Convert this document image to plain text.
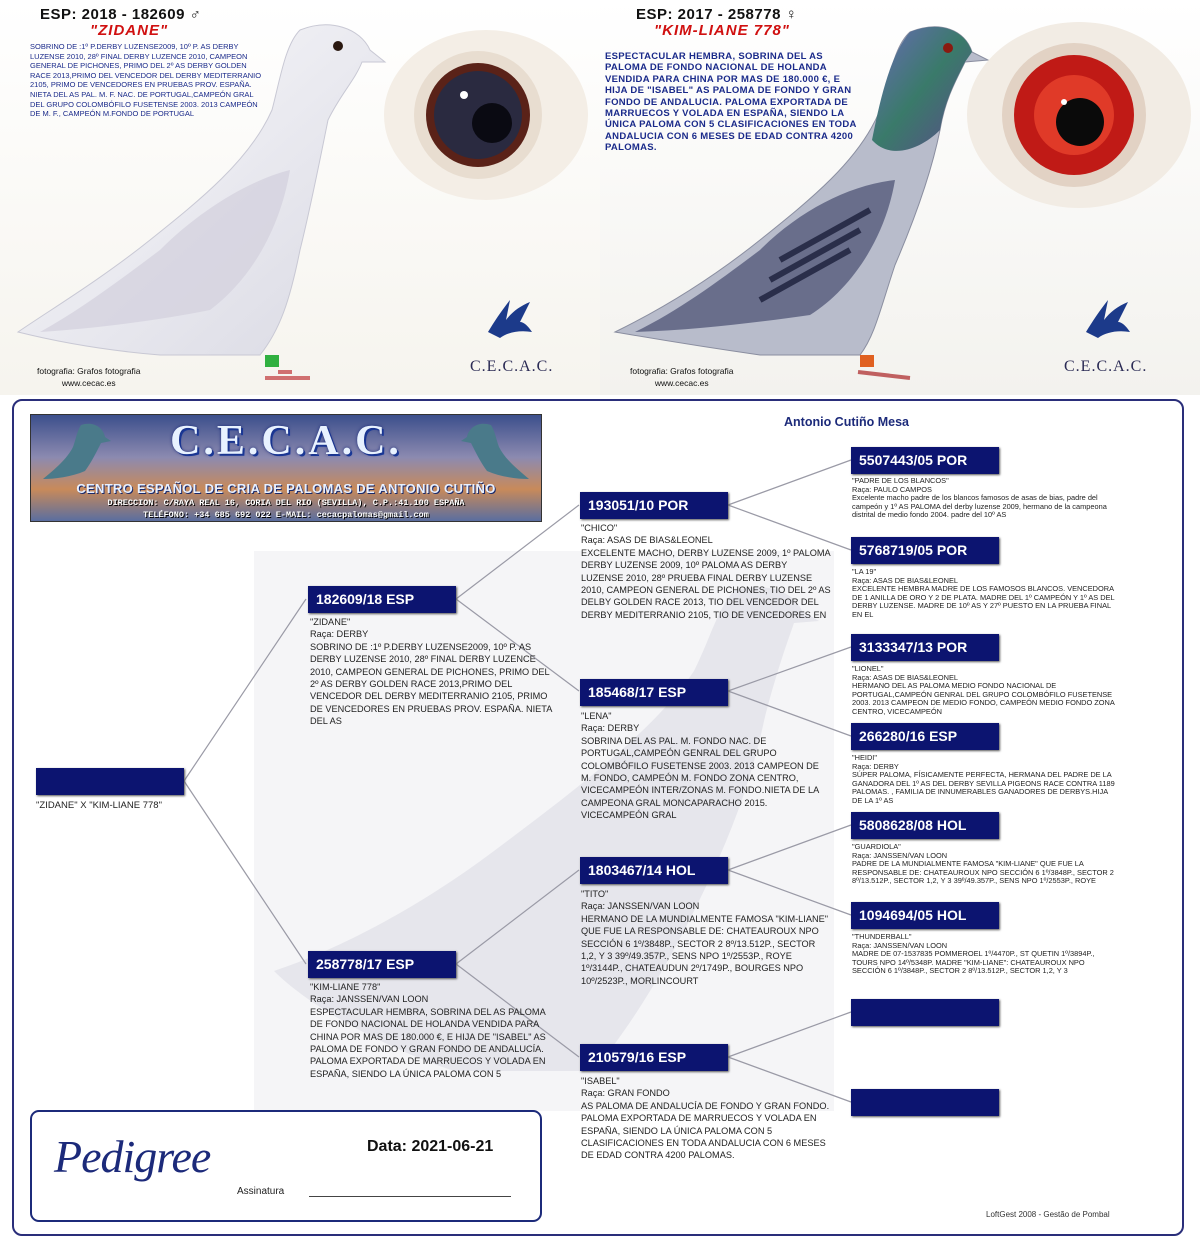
ESP: 2018 - 182609 ♂
"ZIDANE"
SOBRINO DE :1º P.DERBY LUZENSE2009, 10º P. AS DERBY LUZENSE 2010, 28º FINAL DERBY LUZENCE 2010, CAMPEON GENERAL DE PICHONES, PRIMO DEL 2º AS DERBY GOLDEN RACE 2013,PRIMO DEL VENCEDOR DEL DERBY MEDITERRANIO 2105, PRIMO DE VENCEDORES EN PRUEBAS PROV. ESPAÑA. NIETA DEL AS PAL. M. F. NAC. DE PORTUGAL,CAMPEÓN GRAL DEL GRUPO COLOMBÓFILO FUSETENSE 2003. 2013 CAMPEÓN DE M. F., CAMPEÓN M.FONDO DE PORTUGAL
C.E.C.A.C.
fotografia: Grafos fotografia
www.cecac.es
ESP: 2017 - 258778 ♀
"KIM-LIANE 778"
ESPECTACULAR HEMBRA, SOBRINA DEL AS PALOMA DE FONDO NACIONAL DE HOLANDA VENDIDA PARA CHINA POR MAS DE 180.000 €, E HIJA DE "ISABEL" AS PALOMA DE FONDO Y GRAN FONDO DE ANDALUCIA. PALOMA EXPORTADA DE MARRUECOS Y VOLADA EN ESPAÑA, SIENDO LA ÚNICA PALOMA CON 5 CLASIFICACIONES EN TODA ANDALUCIA CON 6 MESES DE EDAD CONTRA 4200 PALOMAS.
C.E.C.A.C.
fotografia: Grafos fotografia
www.cecac.es
Antonio Cutiño Mesa
C.E.C.A.C.
CENTRO ESPAÑOL DE CRIA DE PALOMAS DE ANTONIO CUTIÑO
DIRECCION: C/RAYA REAL 16, CORIA DEL RIO (SEVILLA), C.P.:41.100 ESPAÑA
TELÉFONO: +34 685 692 022 E-MAIL: cecacpalomas@gmail.com
"ZIDANE" X "KIM-LIANE 778"
182609/18 ESP
"ZIDANE"
Raça: DERBY
SOBRINO DE :1º P.DERBY LUZENSE2009, 10º P. AS DERBY LUZENSE 2010, 28º FINAL DERBY LUZENCE 2010, CAMPEON GENERAL DE PICHONES, PRIMO DEL 2º AS DERBY GOLDEN RACE 2013,PRIMO DEL VENCEDOR DEL DERBY MEDITERRANIO 2105, PRIMO DE VENCEDORES EN PRUEBAS PROV. ESPAÑA. NIETA DEL AS
258778/17 ESP
"KIM-LIANE 778"
Raça: JANSSEN/VAN LOON
ESPECTACULAR HEMBRA, SOBRINA DEL AS PALOMA DE FONDO NACIONAL DE HOLANDA VENDIDA PARA CHINA POR MAS DE 180.000 €, E HIJA DE "ISABEL" AS PALOMA DE FONDO Y GRAN FONDO DE ANDALUCÍA. PALOMA EXPORTADA DE MARRUECOS Y VOLADA EN ESPAÑA, SIENDO LA ÚNICA PALOMA CON 5
193051/10 POR
"CHICO"
Raça: ASAS DE BIAS&LEONEL
EXCELENTE MACHO, DERBY LUZENSE 2009, 1º PALOMA DERBY LUZENSE 2009, 10º PALOMA AS DERBY LUZENSE 2010, 28º PRUEBA FINAL DERBY LUZENSE 2010, CAMPEON GENERAL DE PICHONES, TIO DEL 2º AS DELBY GOLDEN RACE 2013, TIO DEL VENCEDOR DEL DERBY MEDITERRANIO 2105, TIO DE VENCEDORES EN
185468/17 ESP
"LENA"
Raça: DERBY
SOBRINA DEL AS PAL. M. FONDO NAC. DE PORTUGAL,CAMPEÓN GENRAL DEL GRUPO COLOMBÓFILO FUSETENSE 2003. 2013 CAMPEON DE M. FONDO, CAMPEÓN M. FONDO ZONA CENTRO, VICECAMPEÓN INTER/ZONAS M. FONDO.NIETA DE LA CAMPEONA GRAL MONCAPARACHO 2015. VICECAMPEÓN GRAL
1803467/14 HOL
"TITO"
Raça: JANSSEN/VAN LOON
HERMANO DE LA MUNDIALMENTE FAMOSA "KIM-LIANE" QUE FUE LA RESPONSABLE DE: CHATEAUROUX NPO SECCIÓN 6 1º/3848P., SECTOR 2 8º/13.512P., SECTOR 1,2, Y 3 39º/49.357P., SENS NPO 1º/2553P., ROYE 1º/3144P., CHATEAUDUN 2º/1749P., BOURGES NPO 10º/2523P., MORLINCOURT
210579/16 ESP
"ISABEL"
Raça: GRAN FONDO
AS PALOMA DE ANDALUCÍA DE FONDO Y GRAN FONDO. PALOMA EXPORTADA DE MARRUECOS Y VOLADA EN ESPAÑA, SIENDO LA ÚNICA PALOMA CON 5 CLASIFICACIONES EN TODA ANDALUCIA CON 6 MESES DE EDAD CONTRA 4200 PALOMAS.
5507443/05 POR
"PADRE DE LOS BLANCOS"
Raça: PAULO CAMPOS
Excelente macho padre de los blancos famosos de asas de bias, padre del campeón y 1º AS PALOMA del derby luzense 2009, hermano de la campeona distrital de medio fondo 2004. padre del 10º AS
5768719/05 POR
"LA 19"
Raça: ASAS DE BIAS&LEONEL
EXCELENTE HEMBRA MADRE DE LOS FAMOSOS BLANCOS. VENCEDORA DE 1 ANILLA DE ORO Y 2 DE PLATA. MADRE DEL 1º CAMPEÓN Y 1º AS DEL DERBY LUZENSE. MADRE DE 10º AS Y 27º PUESTO EN LA PRUEBA FINAL EN EL
3133347/13 POR
"LIONEL"
Raça: ASAS DE BIAS&LEONEL
HERMANO DEL AS PALOMA MEDIO FONDO NACIONAL DE PORTUGAL,CAMPEÓN GENRAL DEL GRUPO COLOMBÓFILO FUSETENSE 2003. 2013 CAMPEON DE MEDIO FONDO, CAMPEÓN MEDIO FONDO ZONA CENTRO, VICECAMPEÓN
266280/16 ESP
"HEIDI"
Raça: DERBY
SÚPER PALOMA, FÍSICAMENTE PERFECTA, HERMANA DEL PADRE DE LA GANADORA DEL 1º AS DEL DERBY SEVILLA PIGEONS RACE CONTRA 1189 PALOMAS. , FAMILIA DE INNUMERABLES GANADORES DE DERBYS.HIJA DE LA 1º AS
5808628/08 HOL
"GUARDIOLA"
Raça: JANSSEN/VAN LOON
PADRE DE LA MUNDIALMENTE FAMOSA "KIM-LIANE" QUE FUE LA RESPONSABLE DE: CHATEAUROUX NPO SECCIÓN 6 1º/3848P., SECTOR 2 8º/13.512P., SECTOR 1,2, Y 3 39º/49.357P., SENS NPO 1º/2553P., ROYE
1094694/05 HOL
"THUNDERBALL"
Raça: JANSSEN/VAN LOON
MADRE DE 07-1537835 POMMEROEL 1º/4470P., ST QUETIN 1º/3894P., TOURS NPO 14º/5348P. MADRE "KIM-LIANE": CHATEAUROUX NPO SECCIÓN 6 1º/3848P., SECTOR 2 8º/13.512P., SECTOR 1,2, Y 3
Pedigree	Data: 2021-06-21
Assinatura
LoftGest 2008 - Gestão de Pombal
